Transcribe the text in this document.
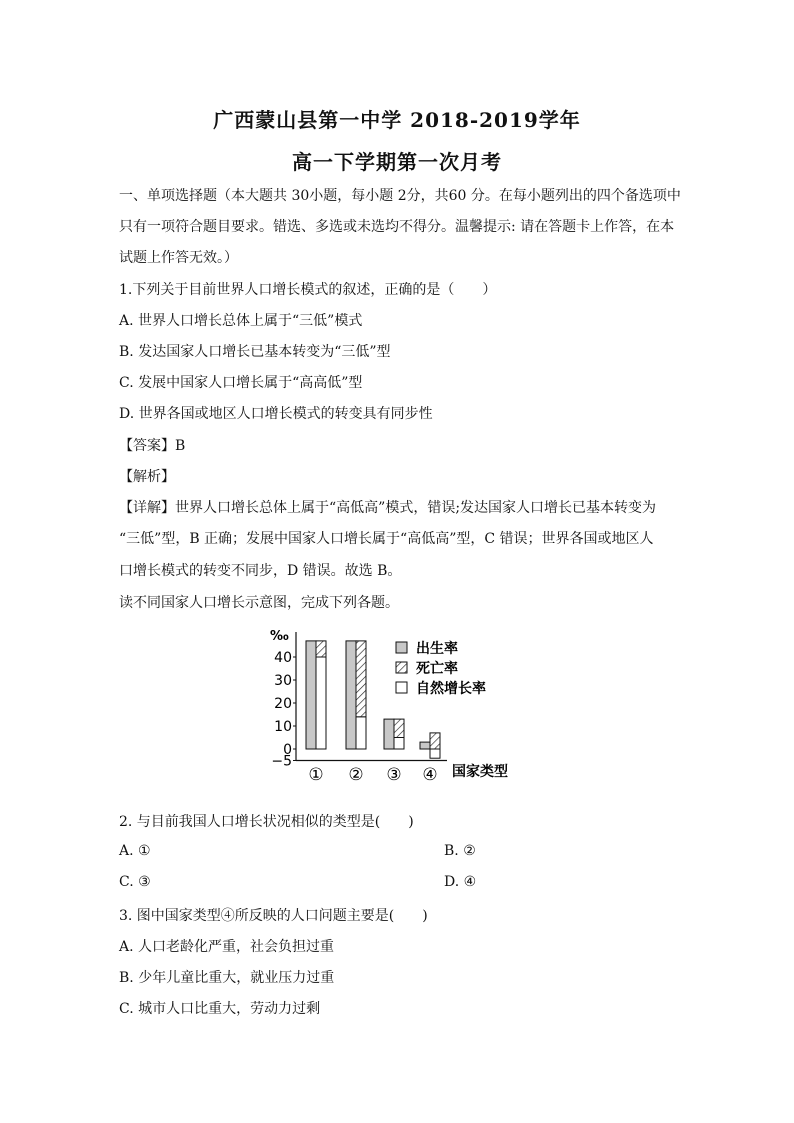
广西蒙山县第一中学 2018-2019学年
高一下学期第一次月考
一、单项选择题（本大题共 30小题，每小题 2分，共60 分。在每小题列出的四个备选项中
只有一项符合题目要求。错选、多选或未选均不得分。温馨提示: 请在答题卡上作答，在本
试题上作答无效。）
1.下列关于目前世界人口增长模式的叙述，正确的是（　　）
A. 世界人口增长总体上属于“三低”模式
B. 发达国家人口增长已基本转变为“三低”型
C. 发展中国家人口增长属于“高高低”型
D. 世界各国或地区人口增长模式的转变具有同步性
【答案】B
【解析】
【详解】世界人口增长总体上属于“高低高”模式，错误;发达国家人口增长已基本转变为
“三低”型，B 正确；发展中国家人口增长属于“高低高”型，C 错误；世界各国或地区人
口增长模式的转变不同步，D 错误。故选 B。
读不同国家人口增长示意图，完成下列各题。
‰
40
30
20
10
0
−5
国家类型
① ② ③ ④
出生率
死亡率
自然增长率
2. 与目前我国人口增长状况相似的类型是(　　)
A. ①	B. ②
C. ③	D. ④
3. 图中国家类型④所反映的人口问题主要是(　　)
A. 人口老龄化严重，社会负担过重
B. 少年儿童比重大，就业压力过重
C. 城市人口比重大，劳动力过剩
